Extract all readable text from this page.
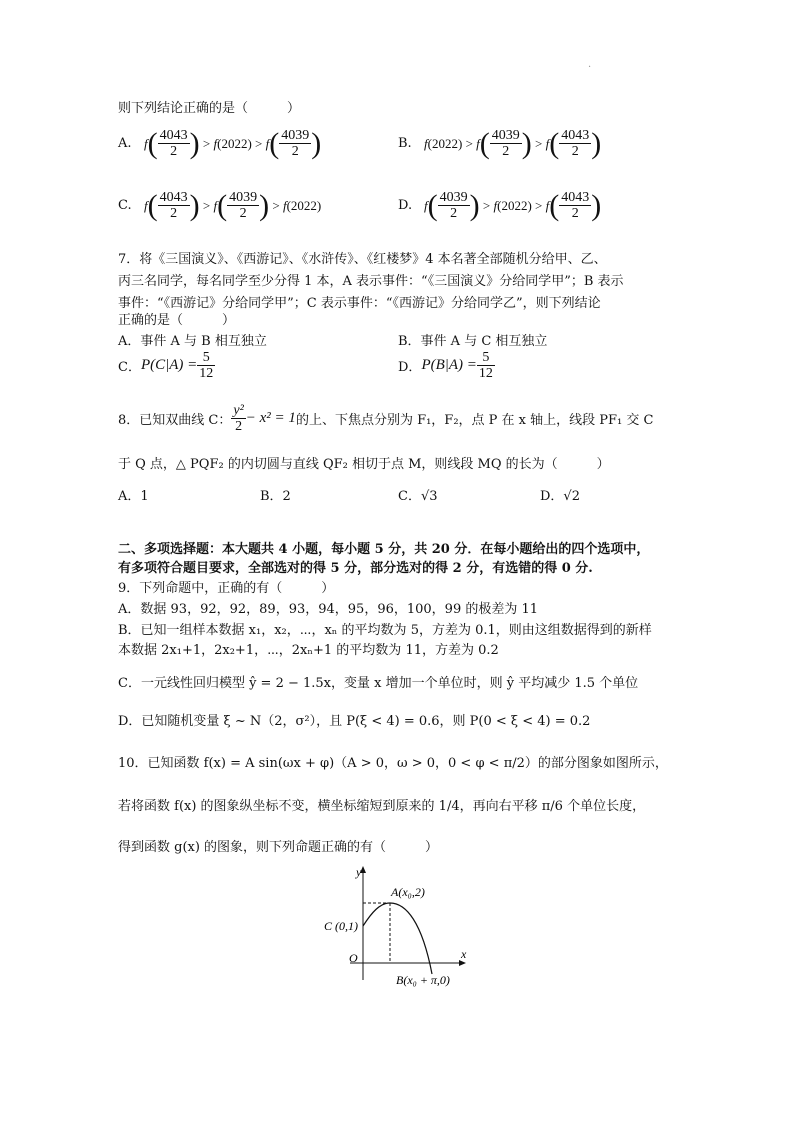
·
则下列结论正确的是（　　　）
A. f ( $\frac{4043}{2}$ ) > f ( 2022 ) > f ( $\frac{4039}{2}$ )	B. f ( 2022 ) > f ( $\frac{4039}{2}$ ) > f ( $\frac{4043}{2}$ )
C. f ( $\frac{4043}{2}$ ) > f ( $\frac{4039}{2}$ ) > f ( 2022 )	D. f ( $\frac{4039}{2}$ ) > f ( 2022 ) > f ( $\frac{4043}{2}$ )
7．将《三国演义》、《西游记》、《水浒传》、《红楼梦》4 本名著全部随机分给甲、乙、
丙三名同学，每名同学至少分得 1 本，A 表示事件：“《三国演义》分给同学甲”；B 表示
事件：“《西游记》分给同学甲”；C 表示事件：“《西游记》分给同学乙”，则下列结论
正确的是（　　　）
A．事件 A 与 B 相互独立	B．事件 A 与 C 相互独立
C． $P(C|A) = \frac{5}{12}$	D． $P(B|A) = \frac{5}{12}$
8．已知双曲线 C： $\frac{\text{y²}}{2} - x^2 = 1$ 的上、下焦点分别为 F₁，F₂，点 P 在 x 轴上，线段 PF₁ 交 C
于 Q 点，△ PQF₂ 的内切圆与直线 QF₂ 相切于点 M，则线段 MQ 的长为（　　　）
A．1	B．2	C．√3	D．√2
二、多项选择题：本大题共 4 小题，每小题 5 分，共 20 分．在每小题给出的四个选项中，
有多项符合题目要求，全部选对的得 5 分，部分选对的得 2 分，有选错的得 0 分.
9．下列命题中，正确的有（　　　）
A．数据 93，92，92，89，93，94，95，96，100，99 的极差为 11
B．已知一组样本数据 x₁，x₂，⋯，xₙ 的平均数为 5，方差为 0.1，则由这组数据得到的新样
本数据 2x₁+1，2x₂+1，⋯，2xₙ+1 的平均数为 11，方差为 0.2
C．一元线性回归模型 ŷ = 2 − 1.5x，变量 x 增加一个单位时，则 ŷ 平均减少 1.5 个单位
D．已知随机变量 ξ ~ N（2，σ²），且 P(ξ < 4) = 0.6，则 P(0 < ξ < 4) = 0.2
10．已知函数 f(x) = A sin(ωx + φ)（A > 0，ω > 0，0 < φ < π/2）的部分图象如图所示，
若将函数 f(x) 的图象纵坐标不变，横坐标缩短到原来的 1/4，再向右平移 π/6 个单位长度，
得到函数 g(x) 的图象，则下列命题正确的有（　　　）
y
x
O
A(x₀,2)
C (0,1)
B(x₀ + π,0)
